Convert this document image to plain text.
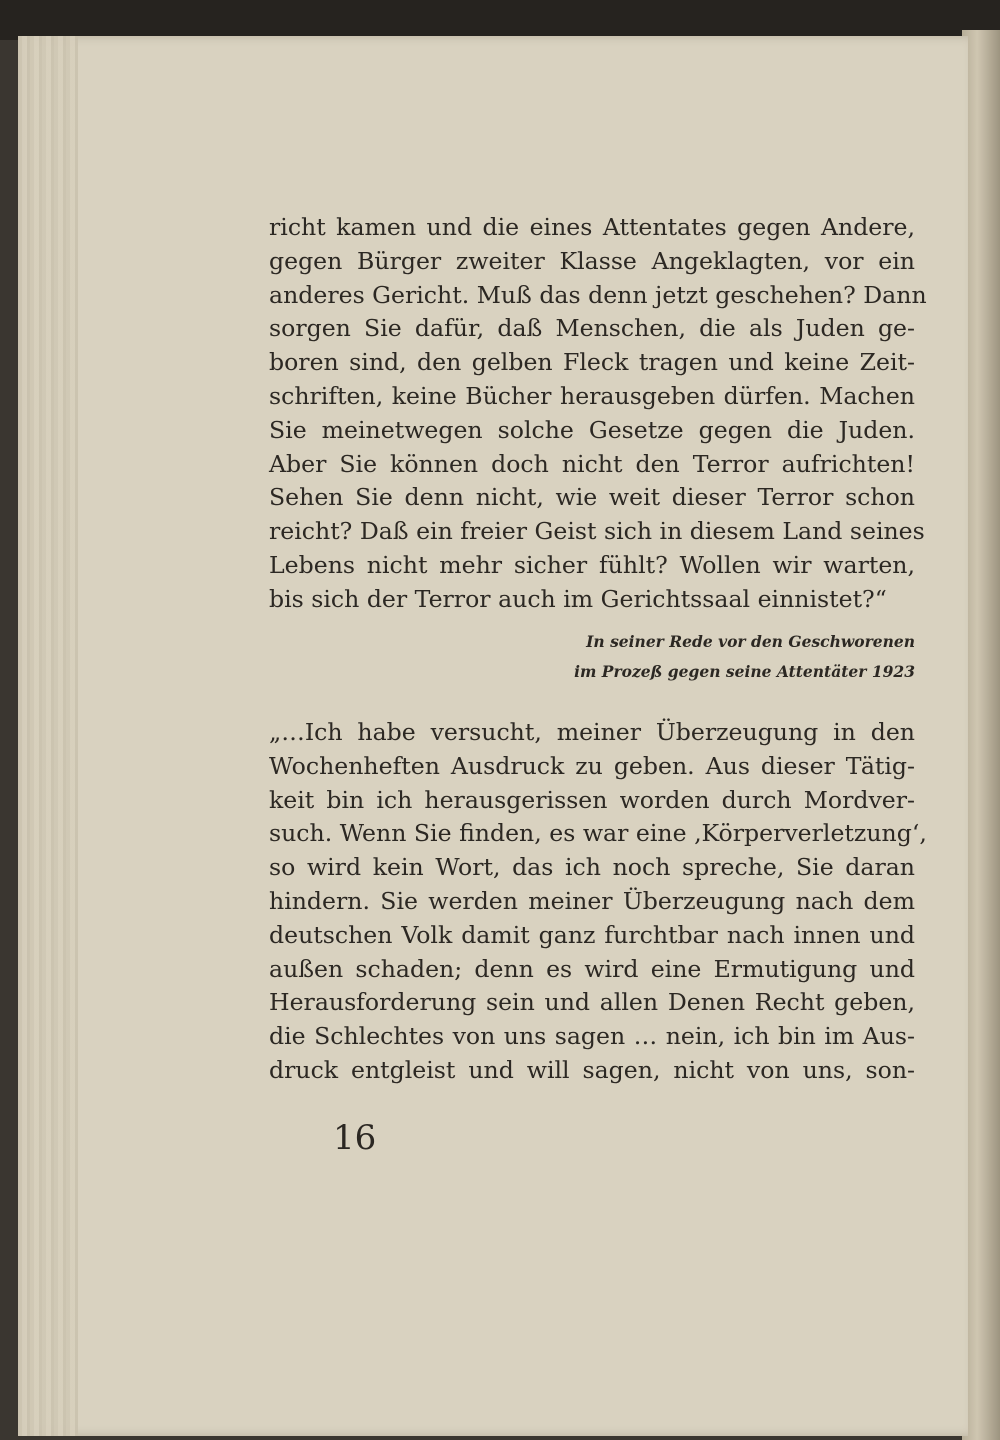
richt kamen und die eines Attentates gegen Andere,
gegen Bürger zweiter Klasse Angeklagten, vor ein
anderes Gericht. Muß das denn jetzt geschehen? Dann
sorgen Sie dafür, daß Menschen, die als Juden ge-
boren sind, den gelben Fleck tragen und keine Zeit-
schriften, keine Bücher herausgeben dürfen. Machen
Sie meinetwegen solche Gesetze gegen die Juden.
Aber Sie können doch nicht den Terror aufrichten!
Sehen Sie denn nicht, wie weit dieser Terror schon
reicht? Daß ein freier Geist sich in diesem Land seines
Lebens nicht mehr sicher fühlt? Wollen wir warten,
bis sich der Terror auch im Gerichtssaal einnistet?“
In seiner Rede vor den Geschworenen
im Prozeß gegen seine Attentäter 1923
„…Ich habe versucht, meiner Überzeugung in den
Wochenheften Ausdruck zu geben. Aus dieser Tätig-
keit bin ich herausgerissen worden durch Mordver-
such. Wenn Sie finden, es war eine ‚Körperverletzung‘,
so wird kein Wort, das ich noch spreche, Sie daran
hindern. Sie werden meiner Überzeugung nach dem
deutschen Volk damit ganz furchtbar nach innen und
außen schaden; denn es wird eine Ermutigung und
Herausforderung sein und allen Denen Recht geben,
die Schlechtes von uns sagen … nein, ich bin im Aus-
druck entgleist und will sagen, nicht von uns, son-
16
